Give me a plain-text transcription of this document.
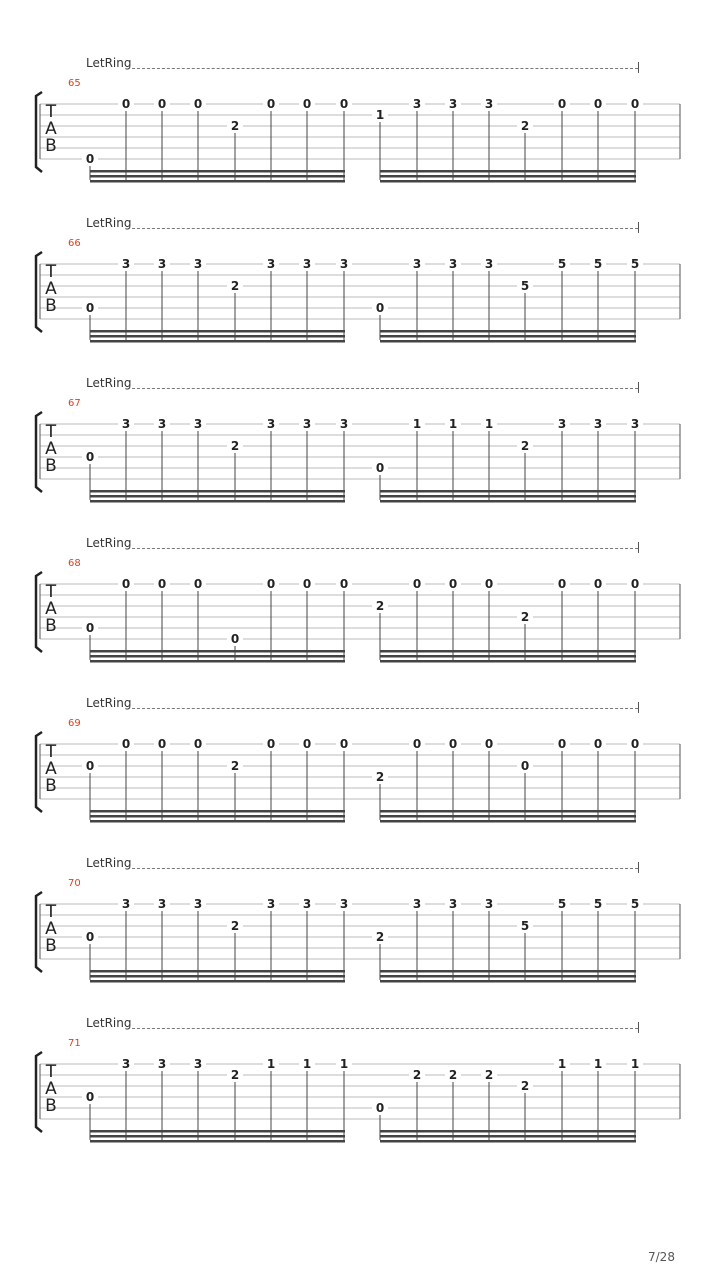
LetRing
65
T
A
B
0
0	0	0
2
0	0	0
1
3	3	3
2
0	0	0
LetRing
66
T
A
B	0
3	3	3
2
3	3	3
0
3	3	3
5
5	5	5
LetRing
67
T
A
B	0
3	3	3
2
3	3	3
0
1	1	1
2
3	3	3
LetRing
68
T
A
B	0
0	0	0
0
0	0	0
2
0	0	0
2
0	0	0
LetRing
69
T
A
B
0
0	0	0
2
0	0	0
2
0	0	0
0
0	0	0
LetRing
70
T
A
B	0
3	3	3
2
3	3	3
2
3	3	3
5
5	5	5
LetRing
71
T
A
B	0
3	3	3
2
1	1	1
0
2	2	2
2
1	1	1
7/28
